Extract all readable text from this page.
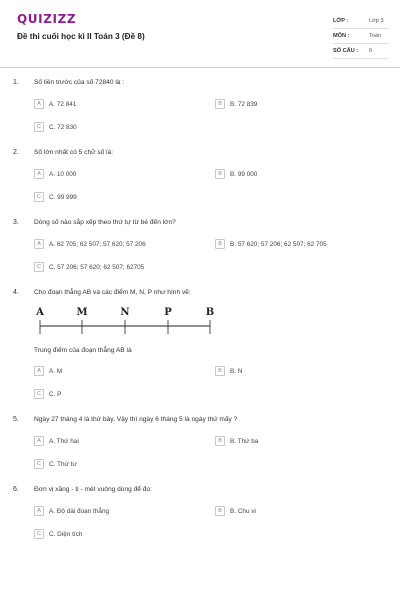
QUIZIZZ
Đề thi cuối học kì II Toán 3 (Đề 8)
LỚP :	Lớp 3
MÔN :	Toán
SỐ CÂU : 6
1. Số liền trước của số 72840 là :
A	A. 72 841	B	B. 72 839
C	C. 72 830
2. Số lớn nhất có 5 chữ số là:
A	A. 10 000	B	B. 99 000
C	C. 99 999
3. Dòng số nào sắp xếp theo thứ tự từ bé đến lớn?
A	A. 62 705; 62 507; 57 620; 57 206	B	B. 57 620; 57 206; 62 507; 62 705
C	C. 57 206; 57 620; 62 507; 62705
4. Cho đoạn thẳng AB và các điểm M, N, P như hình vẽ:
A	M	N	P	B
Trung điểm của đoạn thẳng AB là
A	A. M	B	B. N
C	C. P
5. Ngày 27 tháng 4 là thứ bảy. Vậy thì ngày 6 tháng 5 là ngày thứ mấy ?
A	A. Thứ hai	B	B. Thứ ba
C	C. Thứ tư
6. Đơn vị xăng - ti - mét vuông dùng để đo:
A	A. Độ dài đoạn thẳng	B	B. Chu vi
C	C. Diện tích
